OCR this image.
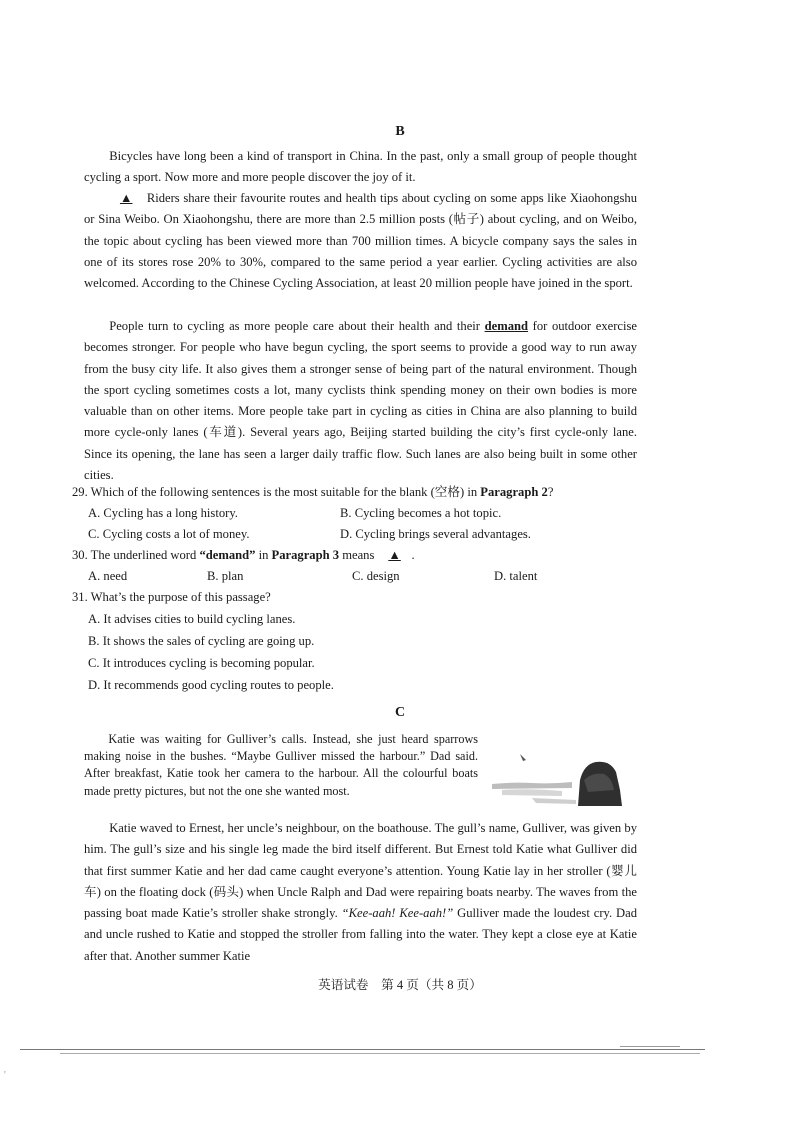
B

Bicycles have long been a kind of transport in China. In the past, only a small group of people thought cycling a sport. Now more and more people discover the joy of it.

▲ Riders share their favourite routes and health tips about cycling on some apps like Xiaohongshu or Sina Weibo. On Xiaohongshu, there are more than 2.5 million posts (帖子) about cycling, and on Weibo, the topic about cycling has been viewed more than 700 million times. A bicycle company says the sales in one of its stores rose 20% to 30%, compared to the same period a year earlier. Cycling activities are also welcomed. According to the Chinese Cycling Association, at least 20 million people have joined in the sport.

People turn to cycling as more people care about their health and their demand for outdoor exercise becomes stronger. For people who have begun cycling, the sport seems to provide a good way to run away from the busy city life. It also gives them a stronger sense of being part of the natural environment. Though the sport cycling sometimes costs a lot, many cyclists think spending money on their own bodies is more valuable than on other items. More people take part in cycling as cities in China are also planning to build more cycle-only lanes (车道). Several years ago, Beijing started building the city’s first cycle-only lane. Since its opening, the lane has seen a larger daily traffic flow. Such lanes are also being built in some other cities.

29. Which of the following sentences is the most suitable for the blank (空格) in Paragraph 2?
A. Cycling has a long history.	B. Cycling becomes a hot topic.
C. Cycling costs a lot of money.	D. Cycling brings several advantages.
30. The underlined word “demand” in Paragraph 3 means ▲ .
A. need	B. plan	C. design	D. talent
31. What’s the purpose of this passage?
A. It advises cities to build cycling lanes.
B. It shows the sales of cycling are going up.
C. It introduces cycling is becoming popular.
D. It recommends good cycling routes to people.
C

Katie was waiting for Gulliver’s calls. Instead, she just heard sparrows making noise in the bushes. “Maybe Gulliver missed the harbour.” Dad said. After breakfast, Katie took her camera to the harbour. All the colourful boats made pretty pictures, but not the one she wanted most.

Katie waved to Ernest, her uncle’s neighbour, on the boathouse. The gull’s name, Gulliver, was given by him. The gull’s size and his single leg made the bird itself different. But Ernest told Katie what Gulliver did that first summer Katie and her dad came caught everyone’s attention. Young Katie lay in her stroller (婴儿车) on the floating dock (码头) when Uncle Ralph and Dad were repairing boats nearby. The waves from the passing boat made Katie’s stroller shake strongly. “Kee-aah! Kee-aah!” Gulliver made the loudest cry. Dad and uncle rushed to Katie and stopped the stroller from falling into the water. They kept a close eye at Katie after that. Another summer Katie

英语试卷　第 4 页（共 8 页）
'
